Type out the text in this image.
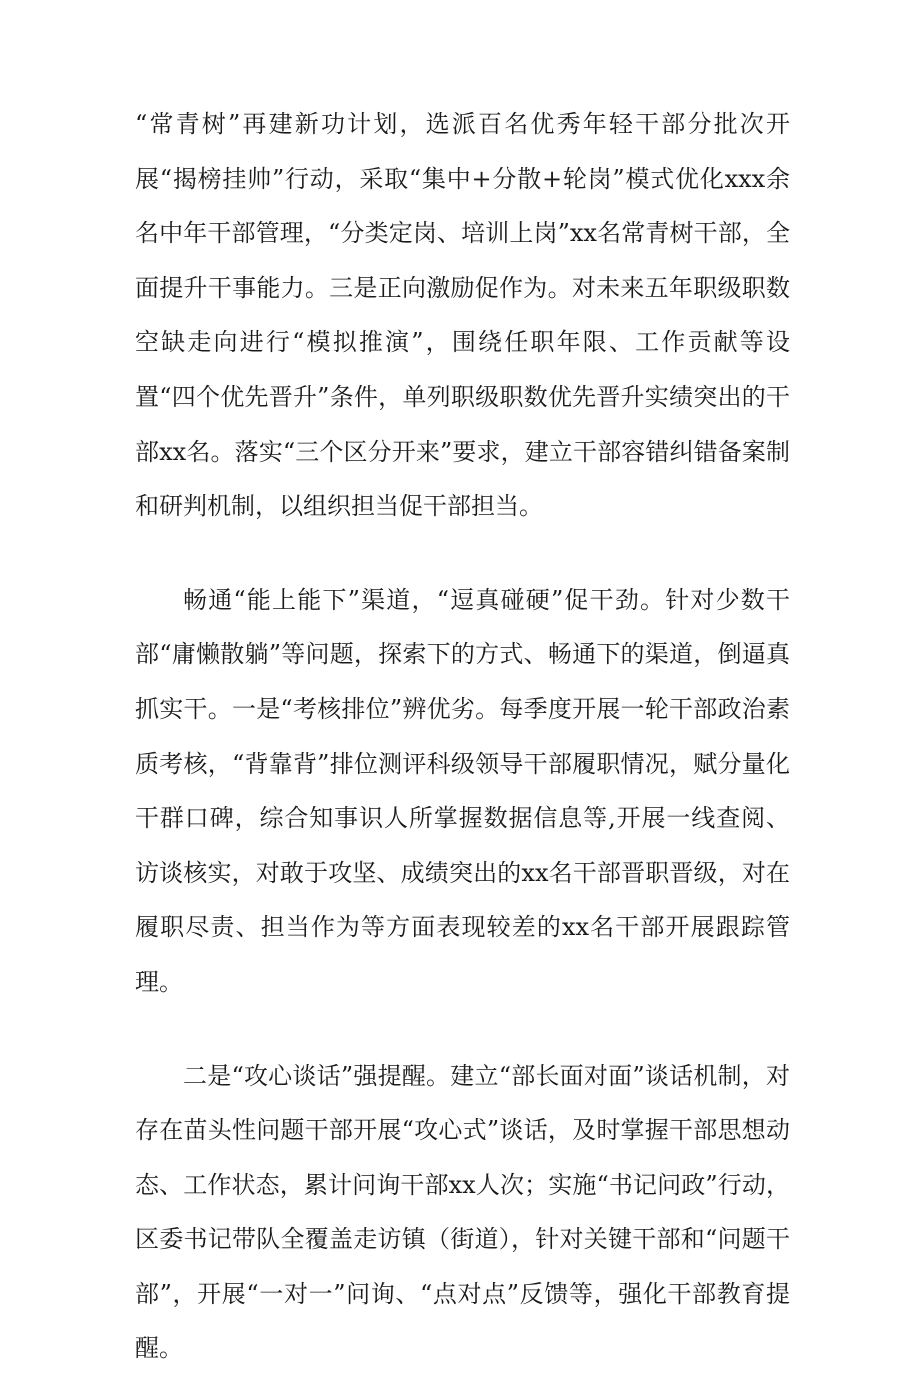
“常青树”再建新功计划，选派百名优秀年轻干部分批次开展“揭榜挂帅”行动，采取“集中+分散+轮岗”模式优化xxx余名中年干部管理，“分类定岗、培训上岗”xx名常青树干部，全面提升干事能力。三是正向激励促作为。对未来五年职级职数空缺走向进行“模拟推演”，围绕任职年限、工作贡献等设置“四个优先晋升”条件，单列职级职数优先晋升实绩突出的干部xx名。落实“三个区分开来”要求，建立干部容错纠错备案制和研判机制，以组织担当促干部担当。

畅通“能上能下”渠道，“逗真碰硬”促干劲。针对少数干部“庸懒散躺”等问题，探索下的方式、畅通下的渠道，倒逼真抓实干。一是“考核排位”辨优劣。每季度开展一轮干部政治素质考核，“背靠背”排位测评科级领导干部履职情况，赋分量化干群口碑，综合知事识人所掌握数据信息等,开展一线查阅、访谈核实，对敢于攻坚、成绩突出的xx名干部晋职晋级，对在履职尽责、担当作为等方面表现较差的xx名干部开展跟踪管理。

二是“攻心谈话”强提醒。建立“部长面对面”谈话机制，对存在苗头性问题干部开展“攻心式”谈话，及时掌握干部思想动态、工作状态，累计问询干部xx人次；实施“书记问政”行动，区委书记带队全覆盖走访镇（街道），针对关键干部和“问题干部”，开展“一对一”问询、“点对点”反馈等，强化干部教育提醒。
